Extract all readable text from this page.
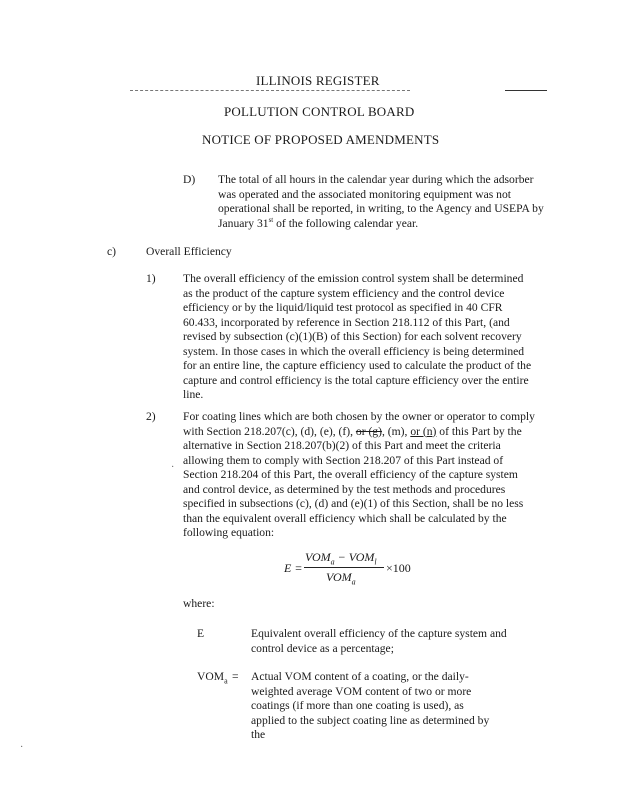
ILLINOIS REGISTER
POLLUTION CONTROL BOARD
NOTICE OF PROPOSED AMENDMENTS
D) The total of all hours in the calendar year during which the adsorber was operated and the associated monitoring equipment was not operational shall be reported, in writing, to the Agency and USEPA by January 31st of the following calendar year.
c)	Overall Efficiency
1) The overall efficiency of the emission control system shall be determined as the product of the capture system efficiency and the control device efficiency or by the liquid/liquid test protocol as specified in 40 CFR 60.433, incorporated by reference in Section 218.112 of this Part, (and revised by subsection (c)(1)(B) of this Section) for each solvent recovery system. In those cases in which the overall efficiency is being determined for an entire line, the capture efficiency used to calculate the product of the capture and control efficiency is the total capture efficiency over the entire line.
2) For coating lines which are both chosen by the owner or operator to comply with Section 218.207(c), (d), (e), (f), or (g), (m), or (n) of this Part by the alternative in Section 218.207(b)(2) of this Part and meet the criteria allowing them to comply with Section 218.207 of this Part instead of Section 218.204 of this Part, the overall efficiency of the capture system and control device, as determined by the test methods and procedures specified in subsections (c), (d) and (e)(1) of this Section, shall be no less than the equivalent overall efficiency which shall be calculated by the following equation:
·
E =
$VOM_a - VOM_l$
$VOM_a$
×100
where:
E	Equivalent overall efficiency of the capture system and control device as a percentage;
$VOM_a$ = Actual VOM content of a coating, or the daily-weighted average VOM content of two or more coatings (if more than one coating is used), as applied to the subject coating line as determined by the
·
